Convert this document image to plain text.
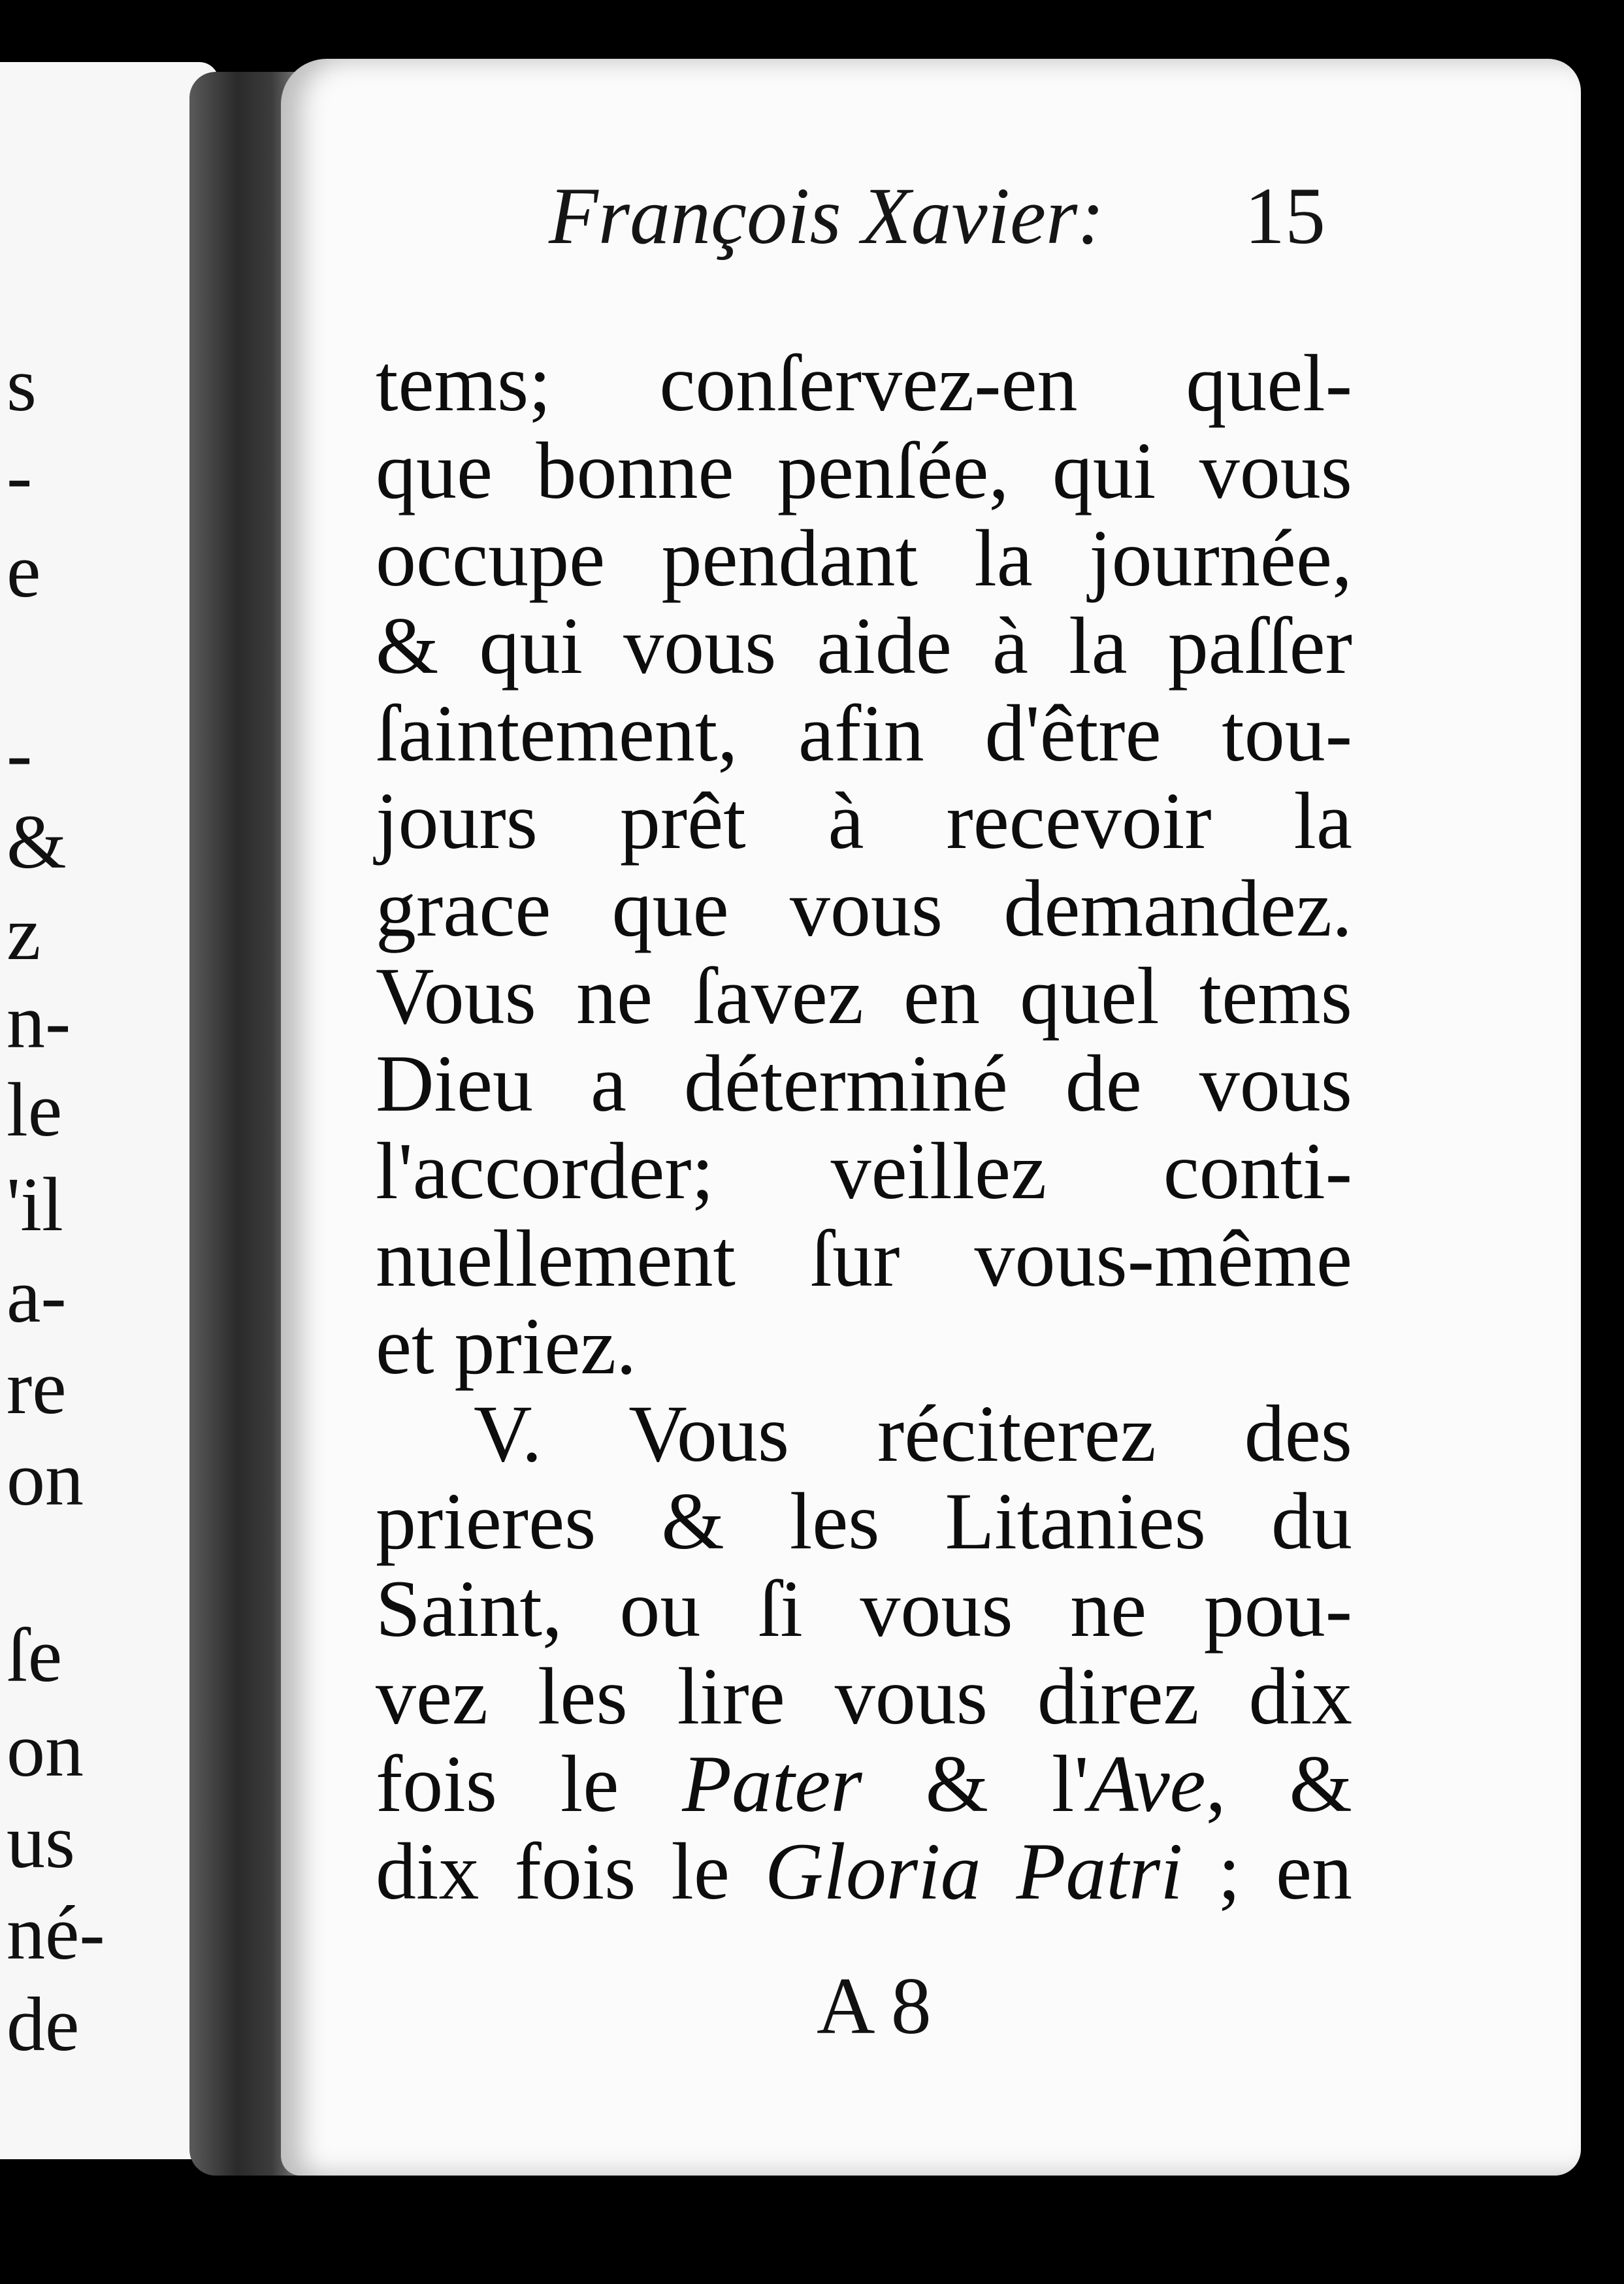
s
-
e
-
&
z
n-
le
'il
a-
re
on
ſe
on
us
né-
de
François Xavier: 15
tems; conſervez-en quel-
que bonne penſée, qui vous
occupe pendant la journée,
& qui vous aide à la paſſer
ſaintement, afin d'être tou-
jours prêt à recevoir la
grace que vous demandez.
Vous ne ſavez en quel tems
Dieu a déterminé de vous
l'accorder; veillez conti-
nuellement ſur vous-même
et priez.
V. Vous réciterez des
prieres & les Litanies du
Saint, ou ſi vous ne pou-
vez les lire vous direz dix
fois le Pater & l'Ave, &
dix fois le Gloria Patri ; en
A 8
